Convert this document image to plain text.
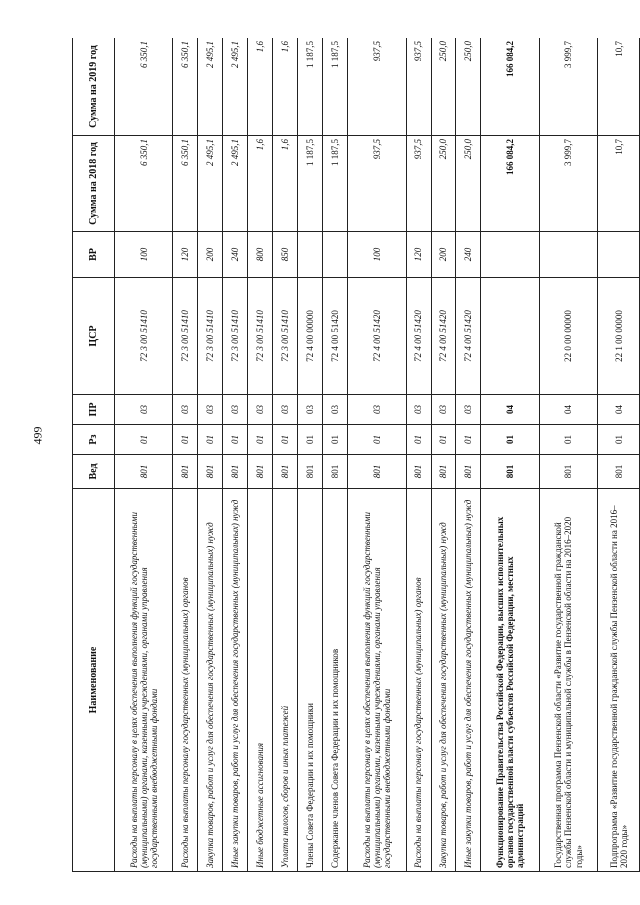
499
Наименование	Вед	Рз	ПР	ЦСР	ВР	Сумма на 2018 год	Сумма на 2019 год
Расходы на выплаты персоналу в целях обеспечения выполнения функций государственными (муниципальными) органами, казенными учреждениями, органами управления государственными внебюджетными фондами	801	01	03	72 3 00 51410	100	6 350,1	6 350,1
Расходы на выплаты персоналу государственных (муниципальных) органов	801	01	03	72 3 00 51410	120	6 350,1	6 350,1
Закупка товаров, работ и услуг для обеспечения государственных (муниципальных) нужд	801	01	03	72 3 00 51410	200	2 495,1	2 495,1
Иные закупки товаров, работ и услуг для обеспечения государственных (муниципальных) нужд	801	01	03	72 3 00 51410	240	2 495,1	2 495,1
Иные бюджетные ассигнования	801	01	03	72 3 00 51410	800	1,6	1,6
Уплата налогов, сборов и иных платежей	801	01	03	72 3 00 51410	850	1,6	1,6
Члены Совета Федерации и их помощники	801	01	03	72 4 00 00000		1 187,5	1 187,5
Содержание членов Совета Федерации и их помощников	801	01	03	72 4 00 51420		1 187,5	1 187,5
Расходы на выплаты персоналу в целях обеспечения выполнения функций государственными (муниципальными) органами, казенными учреждениями, органами управления государственными внебюджетными фондами	801	01	03	72 4 00 51420	100	937,5	937,5
Расходы на выплаты персоналу государственных (муниципальных) органов	801	01	03	72 4 00 51420	120	937,5	937,5
Закупка товаров, работ и услуг для обеспечения государственных (муниципальных) нужд	801	01	03	72 4 00 51420	200	250,0	250,0
Иные закупки товаров, работ и услуг для обеспечения государственных (муниципальных) нужд	801	01	03	72 4 00 51420	240	250,0	250,0
Функционирование Правительства Российской Федерации, высших исполнительных органов государственной власти субъектов Российской Федерации, местных администраций	801	01	04			166 084,2	166 084,2
Государственная программа Пензенской области «Развитие государственной гражданской службы Пензенской области и муниципальной службы в Пензенской области на 2016–2020 годы»	801	01	04	22 0 00 00000		3 999,7	3 999,7
Подпрограмма «Развитие государственной гражданской службы Пензенской области на 2016–2020 годы»	801	01	04	22 1 00 00000		10,7	10,7
